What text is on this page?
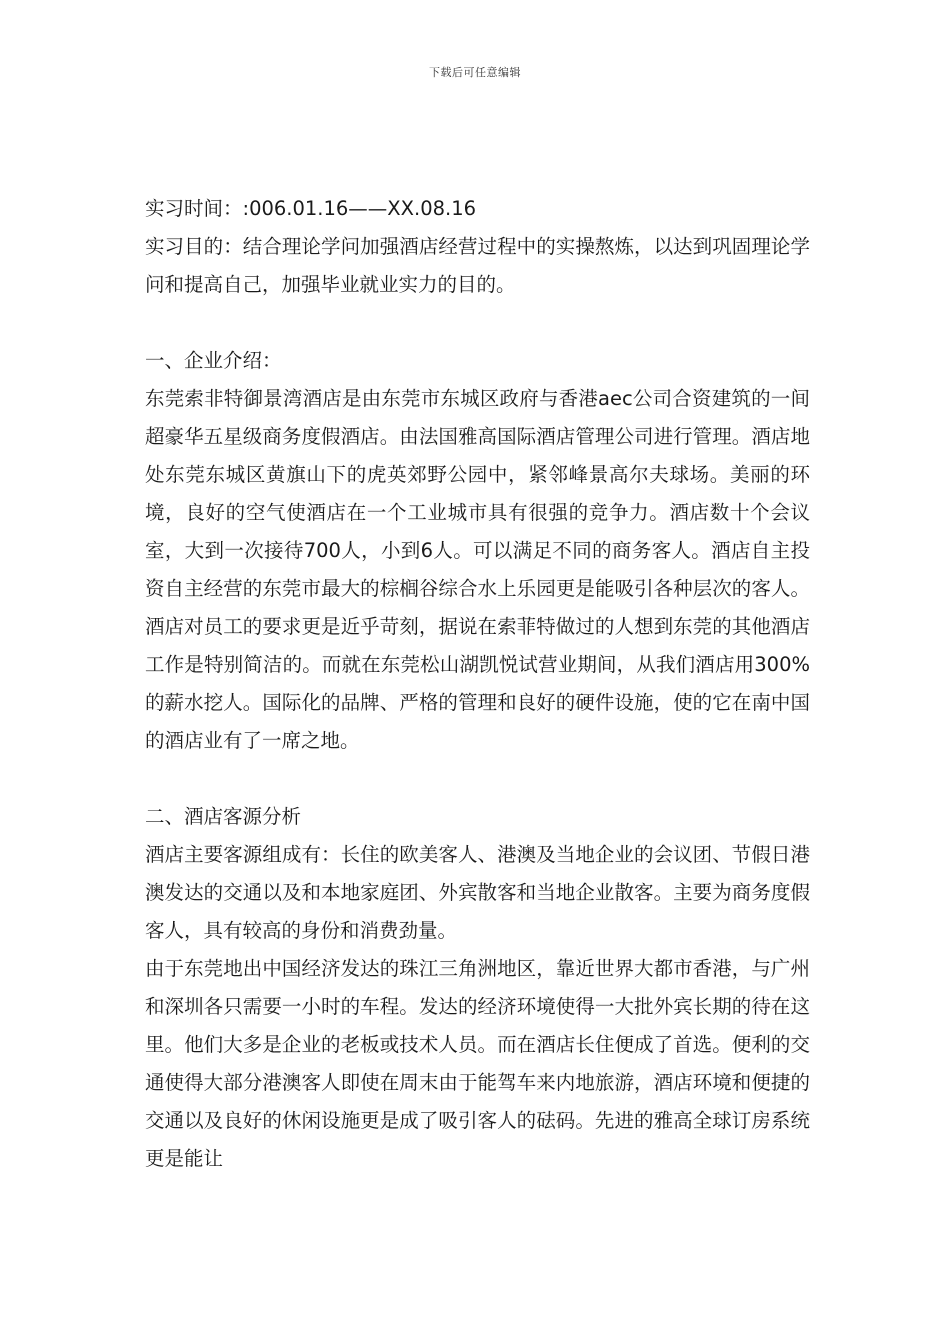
下载后可任意编辑

实习时间：:006.01.16——XX.08.16

实习目的：结合理论学问加强酒店经营过程中的实操熬炼，以达到巩固理论学问和提高自己，加强毕业就业实力的目的。

一、企业介绍：

东莞索非特御景湾酒店是由东莞市东城区政府与香港aec公司合资建筑的一间超豪华五星级商务度假酒店。由法国雅高国际酒店管理公司进行管理。酒店地处东莞东城区黄旗山下的虎英郊野公园中，紧邻峰景高尔夫球场。美丽的环境，良好的空气使酒店在一个工业城市具有很强的竞争力。酒店数十个会议室，大到一次接待700人，小到6人。可以满足不同的商务客人。酒店自主投资自主经营的东莞市最大的棕榈谷综合水上乐园更是能吸引各种层次的客人。酒店对员工的要求更是近乎苛刻，据说在索菲特做过的人想到东莞的其他酒店工作是特别简洁的。而就在东莞松山湖凯悦试营业期间，从我们酒店用300%的薪水挖人。国际化的品牌、严格的管理和良好的硬件设施，使的它在南中国的酒店业有了一席之地。

二、酒店客源分析

酒店主要客源组成有：长住的欧美客人、港澳及当地企业的会议团、节假日港澳发达的交通以及和本地家庭团、外宾散客和当地企业散客。主要为商务度假客人，具有较高的身份和消费劲量。

由于东莞地出中国经济发达的珠江三角洲地区，靠近世界大都市香港，与广州和深圳各只需要一小时的车程。发达的经济环境使得一大批外宾长期的待在这里。他们大多是企业的老板或技术人员。而在酒店长住便成了首选。便利的交通使得大部分港澳客人即使在周末由于能驾车来内地旅游，酒店环境和便捷的交通以及良好的休闲设施更是成了吸引客人的砝码。先进的雅高全球订房系统更是能让
